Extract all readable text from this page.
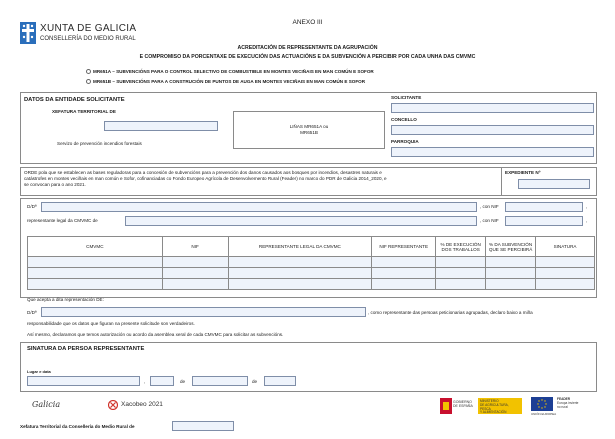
XUNTA DE GALICIA
CONSELLERÍA DO MEDIO RURAL
ANEXO III
ACREDITACIÓN DE REPRESENTANTE DA AGRUPACIÓN
E COMPROMISO DA PORCENTAXE DE EXECUCIÓN DAS ACTUACIÓNS E DA SUBVENCIÓN A PERCIBIR POR CADA UNHA DAS CMVMC
MR651A – SUBVENCIÓNS PARA O CONTROL SELECTIVO DE COMBUSTIBLE EN MONTES VECIÑAIS EN MAN COMÚN E SOFOR
MR651B – SUBVENCIÓNS PARA A CONSTRUCIÓN DE PUNTOS DE AUGA EN MONTES VECIÑAIS EN MAN COMÚN E SOFOR
DATOS DA ENTIDADE SOLICITANTE
XEFATURA TERRITORIAL DE
Servizo de prevención incendios forestais
LIÑAS MR651A ou
MR651B
SOLICITANTE
CONCELLO
PARROQUIA
ORDE pola que se establecen as bases reguladoras para a concesión de subvencións para a prevención dos danos causados aos bosques por incendios, desastres naturais e
catástrofes en montes veciñais en man común e Sofor, cofinanciadas co Fondo Europeo Agrícola de Desenvolvemento Rural (Feader) no marco do PDR de Galicia 2014_2020, e
se convocan para o ano 2021.
EXPEDIENTE Nº
D/Dª	, con NIF	,
representante legal da CMVMC de	, con NIF	,
CMVMC	NIF	REPRESENTANTE LEGAL DA CMVMC	NIF REPRESENTANTE	% DE EXECUCIÓN DOS TRABALLOS	% DA SUBVENCIÓN QUE SE PERCIBIRÁ	SINATURA

Que acepta a dita representación DE:
D/Dª	, como representante das persoas peticionarias agrupadas, declaro baixo a miña
responsabilidade que os datos que figuran na presente solicitude son verdadeiros.
Así mesmo, declaramos que temos autorización ou acordo da asemblea xeral de cada CMVMC para solicitar as subvencións.
SINATURA DA PERSOA REPRESENTANTE
Lugar e data
,	de	de
Galicia	Xacobeo 2021	GOBIERNO
DE ESPAÑA
MINISTERIO
DE AGRICULTURA, PESCA
Y ALIMENTACIÓN	UNIÓN EUROPEA
FEADER
Europa invierte
no rural
Xefatura Territorial da Consellería do Medio Rural de
